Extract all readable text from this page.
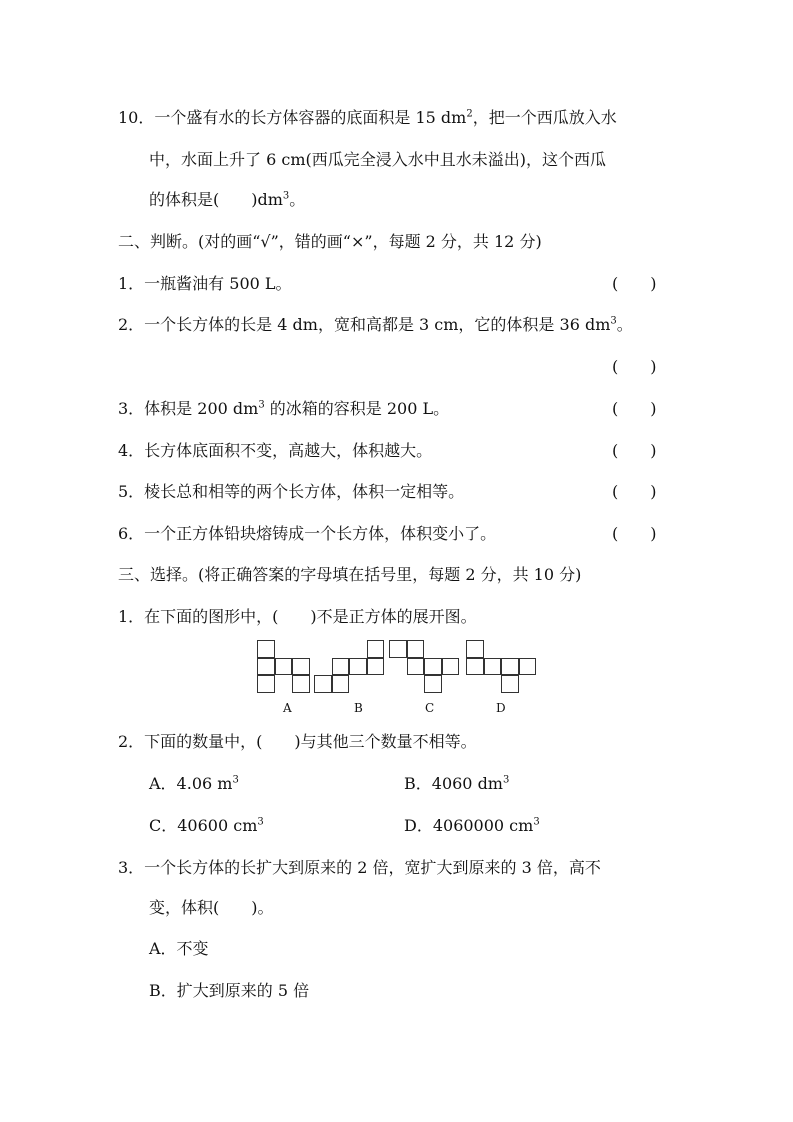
10．一个盛有水的长方体容器的底面积是 15 $dm^2$，把一个西瓜放入水
中，水面上升了 6 cm(西瓜完全浸入水中且水未溢出)，这个西瓜
的体积是(　　)$dm^3$。
二、判断。(对的画“√”，错的画“×”，每题 2 分，共 12 分)
1．一瓶酱油有 500 L。	(　　)
2．一个长方体的长是 4 dm，宽和高都是 3 cm，它的体积是 36 $dm^3$。
(　　)
3．体积是 200 $dm^3$ 的冰箱的容积是 200 L。	(　　)
4．长方体底面积不变，高越大，体积越大。	(　　)
5．棱长总和相等的两个长方体，体积一定相等。	(　　)
6．一个正方体铅块熔铸成一个长方体，体积变小了。	(　　)
三、选择。(将正确答案的字母填在括号里，每题 2 分，共 10 分)
1．在下面的图形中，(　　)不是正方体的展开图。
A	B	C	D
2．下面的数量中，(　　)与其他三个数量不相等。
A．4.06 $m^3$	B．4060 $dm^3$
C．40600 $cm^3$	D．4060000 $cm^3$
3．一个长方体的长扩大到原来的 2 倍，宽扩大到原来的 3 倍，高不
变，体积(　　)。
A．不变
B．扩大到原来的 5 倍
